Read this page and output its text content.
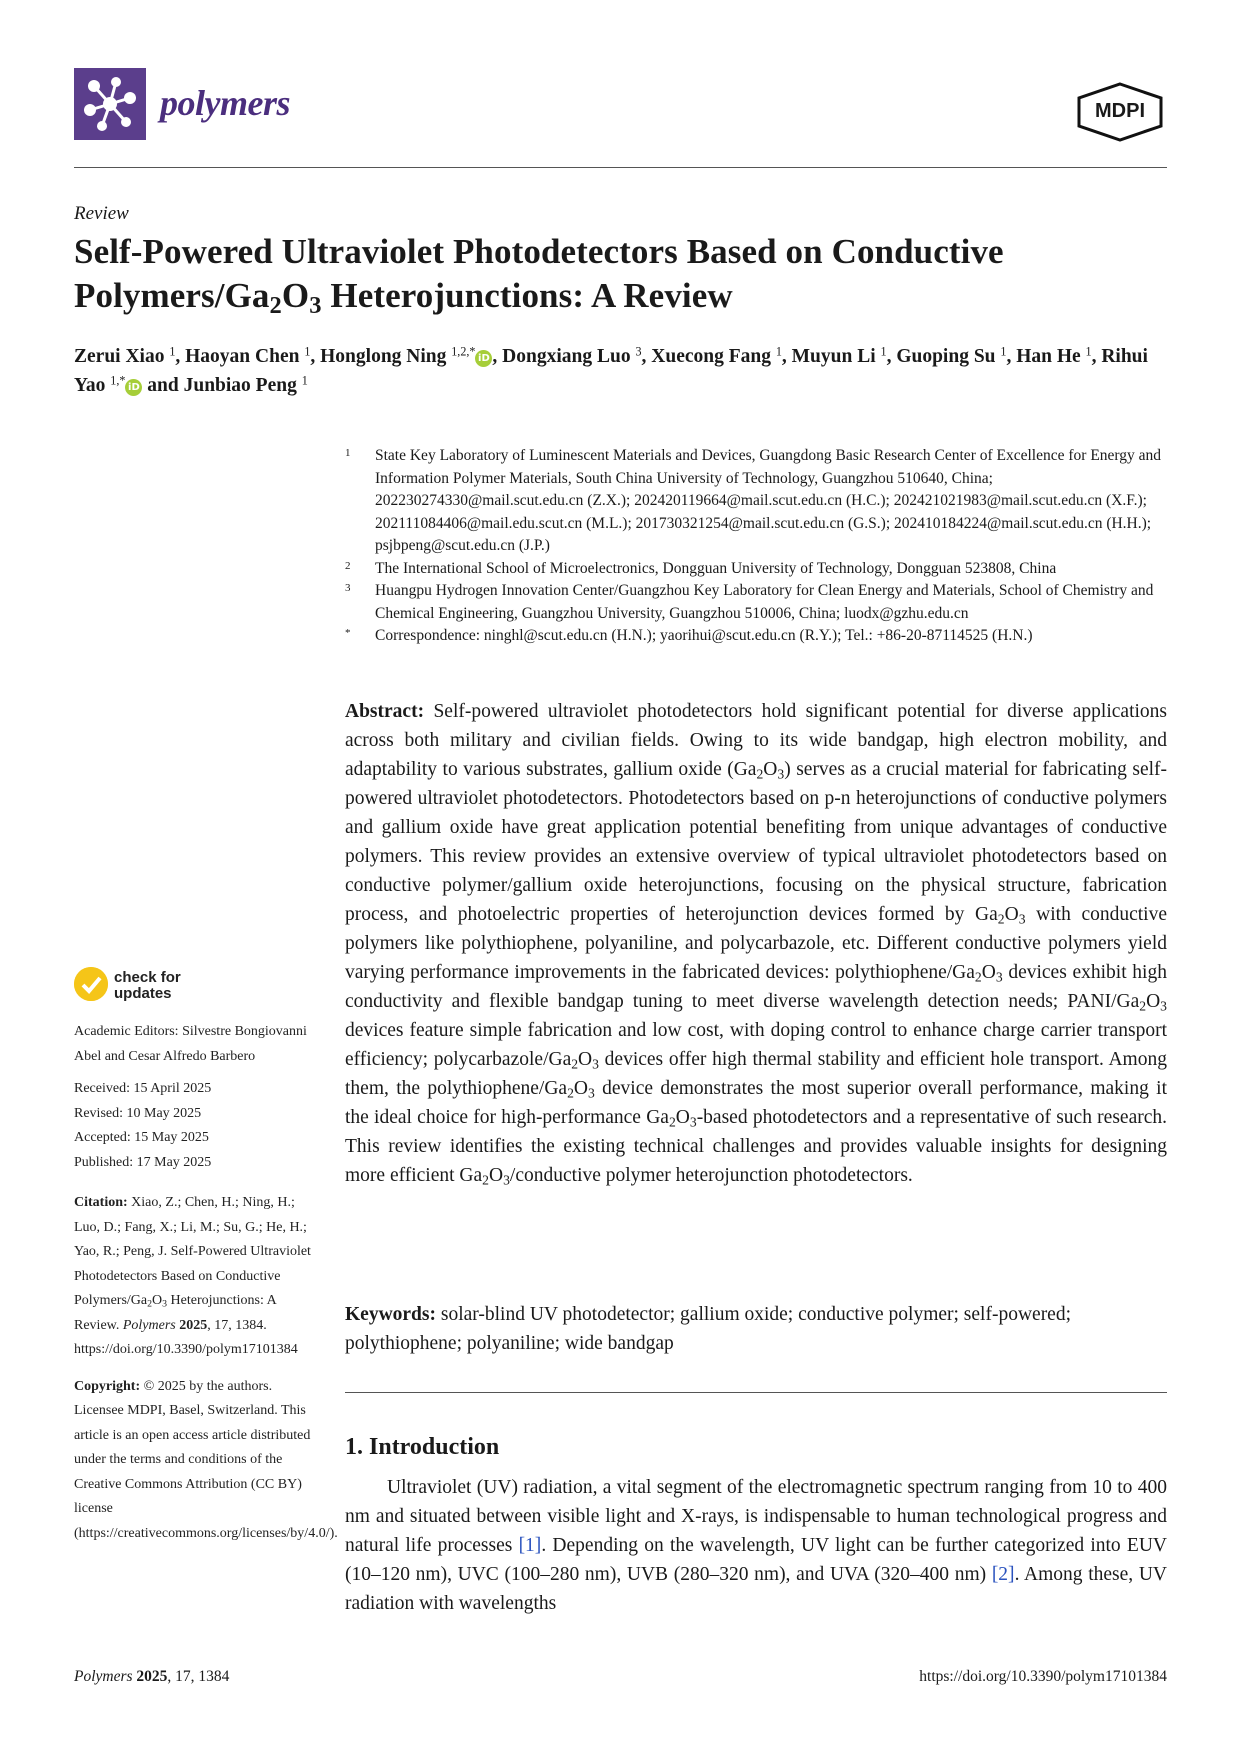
polymers	MDPI
Review
Self-Powered Ultraviolet Photodetectors Based on Conductive Polymers/$Ga_2O_3$ Heterojunctions: A Review
Zerui Xiao $^1$, Haoyan Chen $^1$, Honglong Ning $^{1,2,*}$iD , Dongxiang Luo $^3$, Xuecong Fang $^1$, Muyun Li $^1$, Guoping Su $^1$, Han He $^1$, Rihui Yao $^{1,*}$iD and Junbiao Peng $^1$
1 State Key Laboratory of Luminescent Materials and Devices, Guangdong Basic Research Center of Excellence for Energy and Information Polymer Materials, South China University of Technology, Guangzhou 510640, China; 202230274330@mail.scut.edu.cn (Z.X.); 202420119664@mail.scut.edu.cn (H.C.); 202421021983@mail.scut.edu.cn (X.F.); 202111084406@mail.edu.scut.cn (M.L.); 201730321254@mail.scut.edu.cn (G.S.); 202410184224@mail.scut.edu.cn (H.H.); psjbpeng@scut.edu.cn (J.P.)
2 The International School of Microelectronics, Dongguan University of Technology, Dongguan 523808, China
3 Huangpu Hydrogen Innovation Center/Guangzhou Key Laboratory for Clean Energy and Materials, School of Chemistry and Chemical Engineering, Guangzhou University, Guangzhou 510006, China; luodx@gzhu.edu.cn
* Correspondence: ninghl@scut.edu.cn (H.N.); yaorihui@scut.edu.cn (R.Y.); Tel.: +86-20-87114525 (H.N.)

Abstract: Self-powered ultraviolet photodetectors hold significant potential for diverse applications across both military and civilian fields. Owing to its wide bandgap, high electron mobility, and adaptability to various substrates, gallium oxide $(Ga_2O_3)$ serves as a crucial material for fabricating self-powered ultraviolet photodetectors. Photodetectors based on p-n heterojunctions of conductive polymers and gallium oxide have great application potential benefiting from unique advantages of conductive polymers. This review provides an extensive overview of typical ultraviolet photodetectors based on conductive polymer/gallium oxide heterojunctions, focusing on the physical structure, fabrication process, and photoelectric properties of heterojunction devices formed by $Ga_2O_3$ with conductive polymers like polythiophene, polyaniline, and polycarbazole, etc. Different conductive polymers yield varying performance improvements in the fabricated devices: polythiophene/$Ga_2O_3$ devices exhibit high conductivity and flexible bandgap tuning to meet diverse wavelength detection needs; PANI/$Ga_2O_3$ devices feature simple fabrication and low cost, with doping control to enhance charge carrier transport efficiency; polycarbazole/$Ga_2O_3$ devices offer high thermal stability and efficient hole transport. Among them, the polythiophene/$Ga_2O_3$ device demonstrates the most superior overall performance, making it the ideal choice for high-performance $Ga_2O_3$-based photodetectors and a representative of such research. This review identifies the existing technical challenges and provides valuable insights for designing more efficient $Ga_2O_3$/conductive polymer heterojunction photodetectors.

Keywords: solar-blind UV photodetector; gallium oxide; conductive polymer; self-powered; polythiophene; polyaniline; wide bandgap

1. Introduction

Ultraviolet (UV) radiation, a vital segment of the electromagnetic spectrum ranging from 10 to 400 nm and situated between visible light and X-rays, is indispensable to human technological progress and natural life processes [1]. Depending on the wavelength, UV light can be further categorized into EUV (10–120 nm), UVC (100–280 nm), UVB (280–320 nm), and UVA (320–400 nm) [2]. Among these, UV radiation with wavelengths

check for
updates
Academic Editors: Silvestre Bongiovanni Abel and Cesar Alfredo Barbero
Received: 15 April 2025
Revised: 10 May 2025
Accepted: 15 May 2025
Published: 17 May 2025
Citation: Xiao, Z.; Chen, H.; Ning, H.; Luo, D.; Fang, X.; Li, M.; Su, G.; He, H.; Yao, R.; Peng, J. Self-Powered Ultraviolet Photodetectors Based on Conductive Polymers/$Ga_2O_3$ Heterojunctions: A Review. Polymers 2025, 17, 1384. https://doi.org/10.3390/polym17101384
Copyright: © 2025 by the authors. Licensee MDPI, Basel, Switzerland. This article is an open access article distributed under the terms and conditions of the Creative Commons Attribution (CC BY) license (https://creativecommons.org/licenses/by/4.0/).
Polymers 2025, 17, 1384	https://doi.org/10.3390/polym17101384
